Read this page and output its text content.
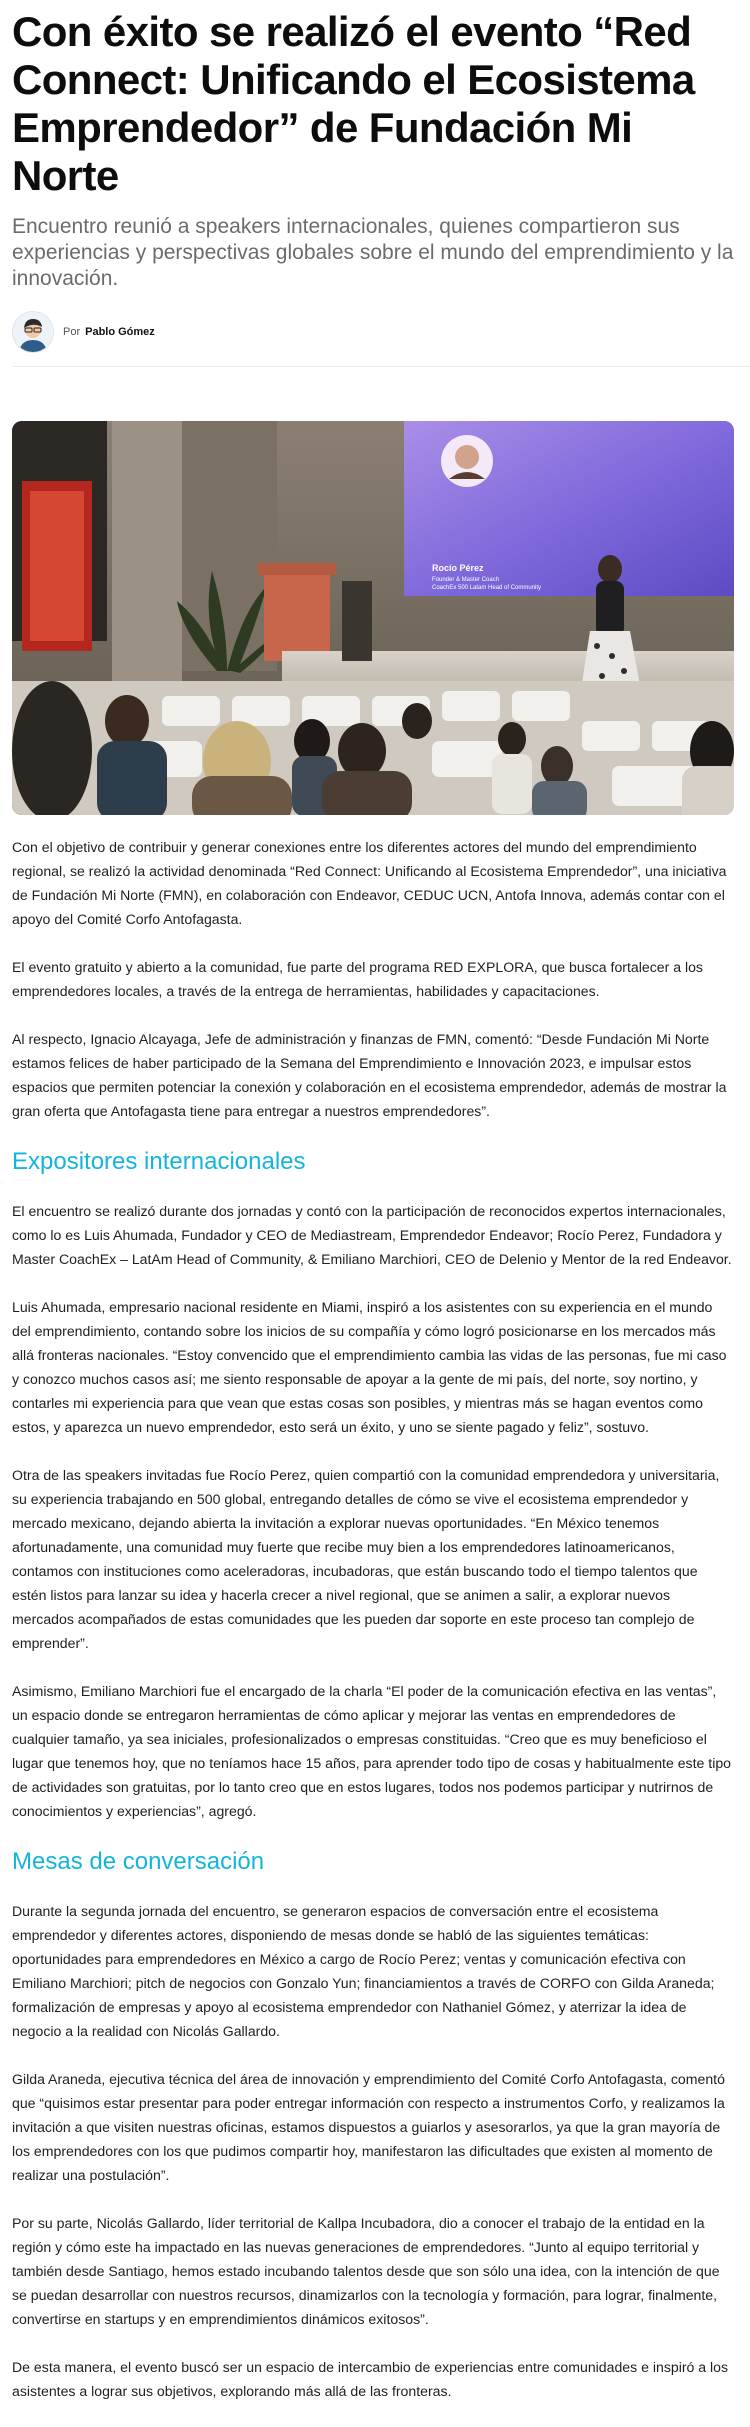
Con éxito se realizó el evento “Red Connect: Unificando el Ecosistema Emprendedor” de Fundación Mi Norte

Encuentro reunió a speakers internacionales, quienes compartieron sus experiencias y perspectivas globales sobre el mundo del emprendimiento y la innovación.

Por Pablo Gómez
Rocío Pérez
Founder & Master Coach
CoachEx 500 Latam Head of Community

Con el objetivo de contribuir y generar conexiones entre los diferentes actores del mundo del emprendimiento regional, se realizó la actividad denominada “Red Connect: Unificando al Ecosistema Emprendedor”, una iniciativa de Fundación Mi Norte (FMN), en colaboración con Endeavor, CEDUC UCN, Antofa Innova, además contar con el apoyo del Comité Corfo Antofagasta.

El evento gratuito y abierto a la comunidad, fue parte del programa RED EXPLORA, que busca fortalecer a los emprendedores locales, a través de la entrega de herramientas, habilidades y capacitaciones.

Al respecto, Ignacio Alcayaga, Jefe de administración y finanzas de FMN, comentó: “Desde Fundación Mi Norte estamos felices de haber participado de la Semana del Emprendimiento e Innovación 2023, e impulsar estos espacios que permiten potenciar la conexión y colaboración en el ecosistema emprendedor, además de mostrar la gran oferta que Antofagasta tiene para entregar a nuestros emprendedores”.

Expositores internacionales

El encuentro se realizó durante dos jornadas y contó con la participación de reconocidos expertos internacionales, como lo es Luis Ahumada, Fundador y CEO de Mediastream, Emprendedor Endeavor; Rocío Perez, Fundadora y Master CoachEx – LatAm Head of Community, & Emiliano Marchiori, CEO de Delenio y Mentor de la red Endeavor.

Luis Ahumada, empresario nacional residente en Miami, inspiró a los asistentes con su experiencia en el mundo del emprendimiento, contando sobre los inicios de su compañía y cómo logró posicionarse en los mercados más allá fronteras nacionales. “Estoy convencido que el emprendimiento cambia las vidas de las personas, fue mi caso y conozco muchos casos así; me siento responsable de apoyar a la gente de mi país, del norte, soy nortino, y contarles mi experiencia para que vean que estas cosas son posibles, y mientras más se hagan eventos como estos, y aparezca un nuevo emprendedor, esto será un éxito, y uno se siente pagado y feliz”, sostuvo.

Otra de las speakers invitadas fue Rocío Perez, quien compartió con la comunidad emprendedora y universitaria, su experiencia trabajando en 500 global, entregando detalles de cómo se vive el ecosistema emprendedor y mercado mexicano, dejando abierta la invitación a explorar nuevas oportunidades. “En México tenemos afortunadamente, una comunidad muy fuerte que recibe muy bien a los emprendedores latinoamericanos, contamos con instituciones como aceleradoras, incubadoras, que están buscando todo el tiempo talentos que estén listos para lanzar su idea y hacerla crecer a nivel regional, que se animen a salir, a explorar nuevos mercados acompañados de estas comunidades que les pueden dar soporte en este proceso tan complejo de emprender”.

Asimismo, Emiliano Marchiori fue el encargado de la charla “El poder de la comunicación efectiva en las ventas”, un espacio donde se entregaron herramientas de cómo aplicar y mejorar las ventas en emprendedores de cualquier tamaño, ya sea iniciales, profesionalizados o empresas constituidas. “Creo que es muy beneficioso el lugar que tenemos hoy, que no teníamos hace 15 años, para aprender todo tipo de cosas y habitualmente este tipo de actividades son gratuitas, por lo tanto creo que en estos lugares, todos nos podemos participar y nutrirnos de conocimientos y experiencias”, agregó.

Mesas de conversación

Durante la segunda jornada del encuentro, se generaron espacios de conversación entre el ecosistema emprendedor y diferentes actores, disponiendo de mesas donde se habló de las siguientes temáticas: oportunidades para emprendedores en México a cargo de Rocío Perez; ventas y comunicación efectiva con Emiliano Marchiori; pitch de negocios con Gonzalo Yun; financiamientos a través de CORFO con Gilda Araneda; formalización de empresas y apoyo al ecosistema emprendedor con Nathaniel Gómez, y aterrizar la idea de negocio a la realidad con Nicolás Gallardo.

Gilda Araneda, ejecutiva técnica del área de innovación y emprendimiento del Comité Corfo Antofagasta, comentó que “quisimos estar presentar para poder entregar información con respecto a instrumentos Corfo, y realizamos la invitación a que visiten nuestras oficinas, estamos dispuestos a guiarlos y asesorarlos, ya que la gran mayoría de los emprendedores con los que pudimos compartir hoy, manifestaron las dificultades que existen al momento de realizar una postulación”.

Por su parte, Nicolás Gallardo, líder territorial de Kallpa Incubadora, dio a conocer el trabajo de la entidad en la región y cómo este ha impactado en las nuevas generaciones de emprendedores. “Junto al equipo territorial y también desde Santiago, hemos estado incubando talentos desde que son sólo una idea, con la intención de que se puedan desarrollar con nuestros recursos, dinamizarlos con la tecnología y formación, para lograr, finalmente, convertirse en startups y en emprendimientos dinámicos exitosos”.

De esta manera, el evento buscó ser un espacio de intercambio de experiencias entre comunidades e inspiró a los asistentes a lograr sus objetivos, explorando más allá de las fronteras.
